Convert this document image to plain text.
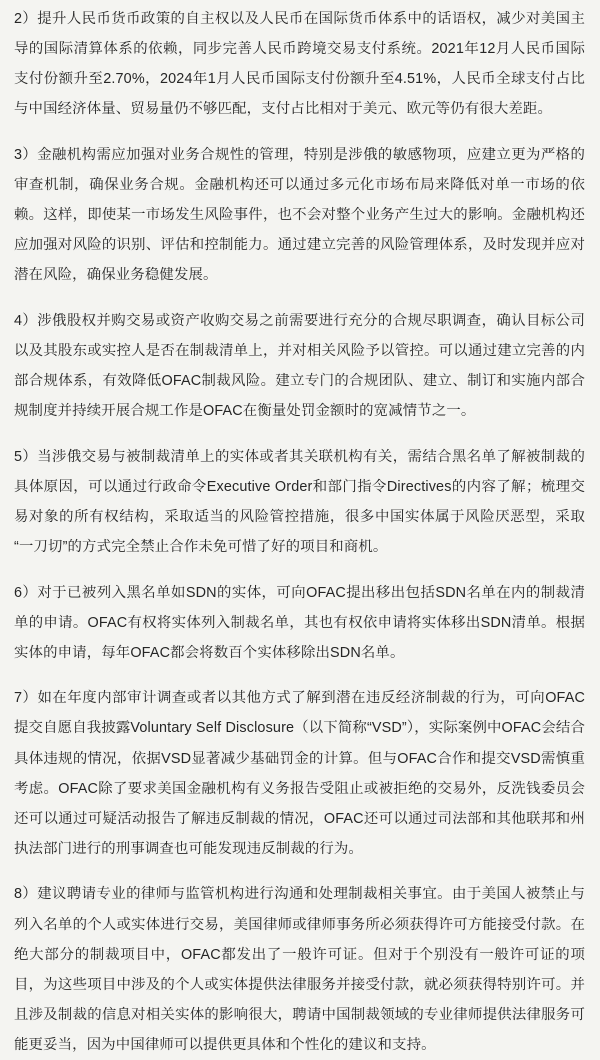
2）提升人民币货币政策的自主权以及人民币在国际货币体系中的话语权，减少对美国主导的国际清算体系的依赖，同步完善人民币跨境交易支付系统。2021年12月人民币国际支付份额升至2.70%，2024年1月人民币国际支付份额升至4.51%，人民币全球支付占比与中国经济体量、贸易量仍不够匹配，支付占比相对于美元、欧元等仍有很大差距。

3）金融机构需应加强对业务合规性的管理，特别是涉俄的敏感物项，应建立更为严格的审查机制，确保业务合规。金融机构还可以通过多元化市场布局来降低对单一市场的依赖。这样，即使某一市场发生风险事件，也不会对整个业务产生过大的影响。金融机构还应加强对风险的识别、评估和控制能力。通过建立完善的风险管理体系，及时发现并应对潜在风险，确保业务稳健发展。

4）涉俄股权并购交易或资产收购交易之前需要进行充分的合规尽职调查，确认目标公司以及其股东或实控人是否在制裁清单上，并对相关风险予以管控。可以通过建立完善的内部合规体系，有效降低OFAC制裁风险。建立专门的合规团队、建立、制订和实施内部合规制度并持续开展合规工作是OFAC在衡量处罚金额时的宽减情节之一。

5）当涉俄交易与被制裁清单上的实体或者其关联机构有关，需结合黑名单了解被制裁的具体原因，可以通过行政命令Executive Order和部门指令Directives的内容了解；梳理交易对象的所有权结构，采取适当的风险管控措施，很多中国实体属于风险厌恶型，采取“一刀切”的方式完全禁止合作未免可惜了好的项目和商机。

6）对于已被列入黑名单如SDN的实体，可向OFAC提出移出包括SDN名单在内的制裁清单的申请。OFAC有权将实体列入制裁名单，其也有权依申请将实体移出SDN清单。根据实体的申请，每年OFAC都会将数百个实体移除出SDN名单。

7）如在年度内部审计调查或者以其他方式了解到潜在违反经济制裁的行为，可向OFAC提交自愿自我披露Voluntary Self Disclosure（以下简称“VSD”），实际案例中OFAC会结合具体违规的情况，依据VSD显著减少基础罚金的计算。但与OFAC合作和提交VSD需慎重考虑。OFAC除了要求美国金融机构有义务报告受阻止或被拒绝的交易外，反洗钱委员会还可以通过可疑活动报告了解违反制裁的情况，OFAC还可以通过司法部和其他联邦和州执法部门进行的刑事调查也可能发现违反制裁的行为。

8）建议聘请专业的律师与监管机构进行沟通和处理制裁相关事宜。由于美国人被禁止与列入名单的个人或实体进行交易，美国律师或律师事务所必须获得许可方能接受付款。在绝大部分的制裁项目中，OFAC都发出了一般许可证。但对于个别没有一般许可证的项目，为这些项目中涉及的个人或实体提供法律服务并接受付款，就必须获得特别许可。并且涉及制裁的信息对相关实体的影响很大，聘请中国制裁领域的专业律师提供法律服务可能更妥当，因为中国律师可以提供更具体和个性化的建议和支持。
